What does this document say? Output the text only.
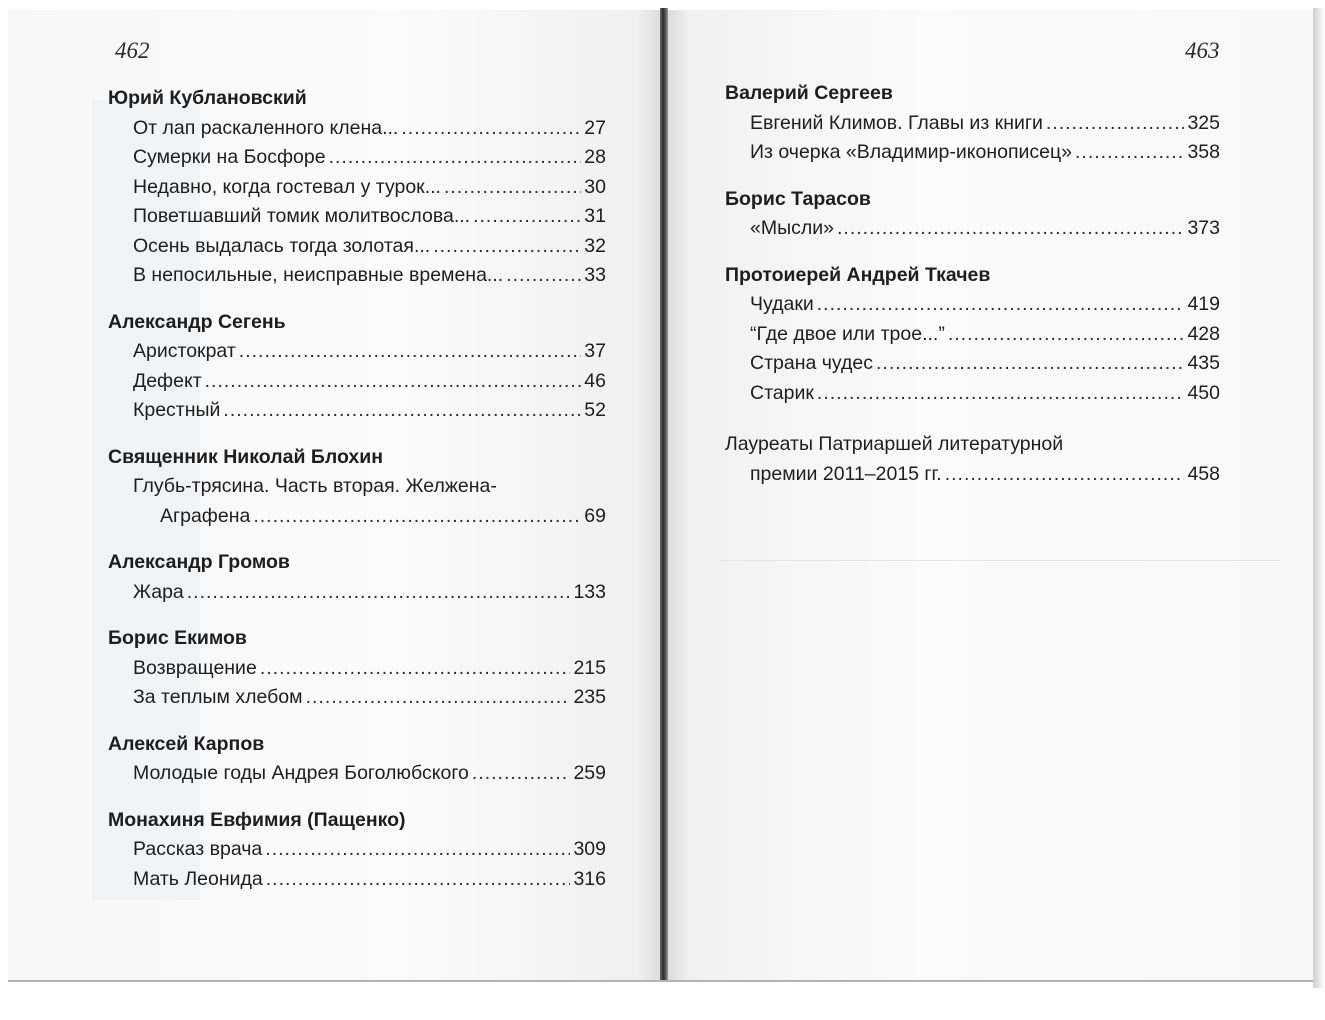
462	463
Юрий Кублановский
От лап раскаленного клена... .....	27
Сумерки на Босфоре .....	28
Недавно, когда гостевал у турок... .....	30
Поветшавший томик молитвослова... .....	31
Осень выдалась тогда золотая... .....	32
В непосильные, неисправные времена... .....	33
Александр Сегень
Аристократ .....	37
Дефект .....	46
Крестный .....	52
Священник Николай Блохин
Глубь-трясина. Часть вторая. Желжена-
Аграфена .....	69
Александр Громов
Жара .....	133
Борис Екимов
Возвращение .....	215
За теплым хлебом .....	235
Алексей Карпов
Молодые годы Андрея Боголюбского .....	259
Монахиня Евфимия (Пащенко)
Рассказ врача .....	309
Мать Леонида .....	316
Валерий Сергеев
Евгений Климов. Главы из книги .....	325
Из очерка «Владимир-иконописец» .....	358
Борис Тарасов
«Мысли» .....	373
Протоиерей Андрей Ткачев
Чудаки .....	419
“Где двое или трое...” .....	428
Страна чудес .....	435
Старик .....	450
Лауреаты Патриаршей литературной
премии 2011–2015 гг. .....	458
